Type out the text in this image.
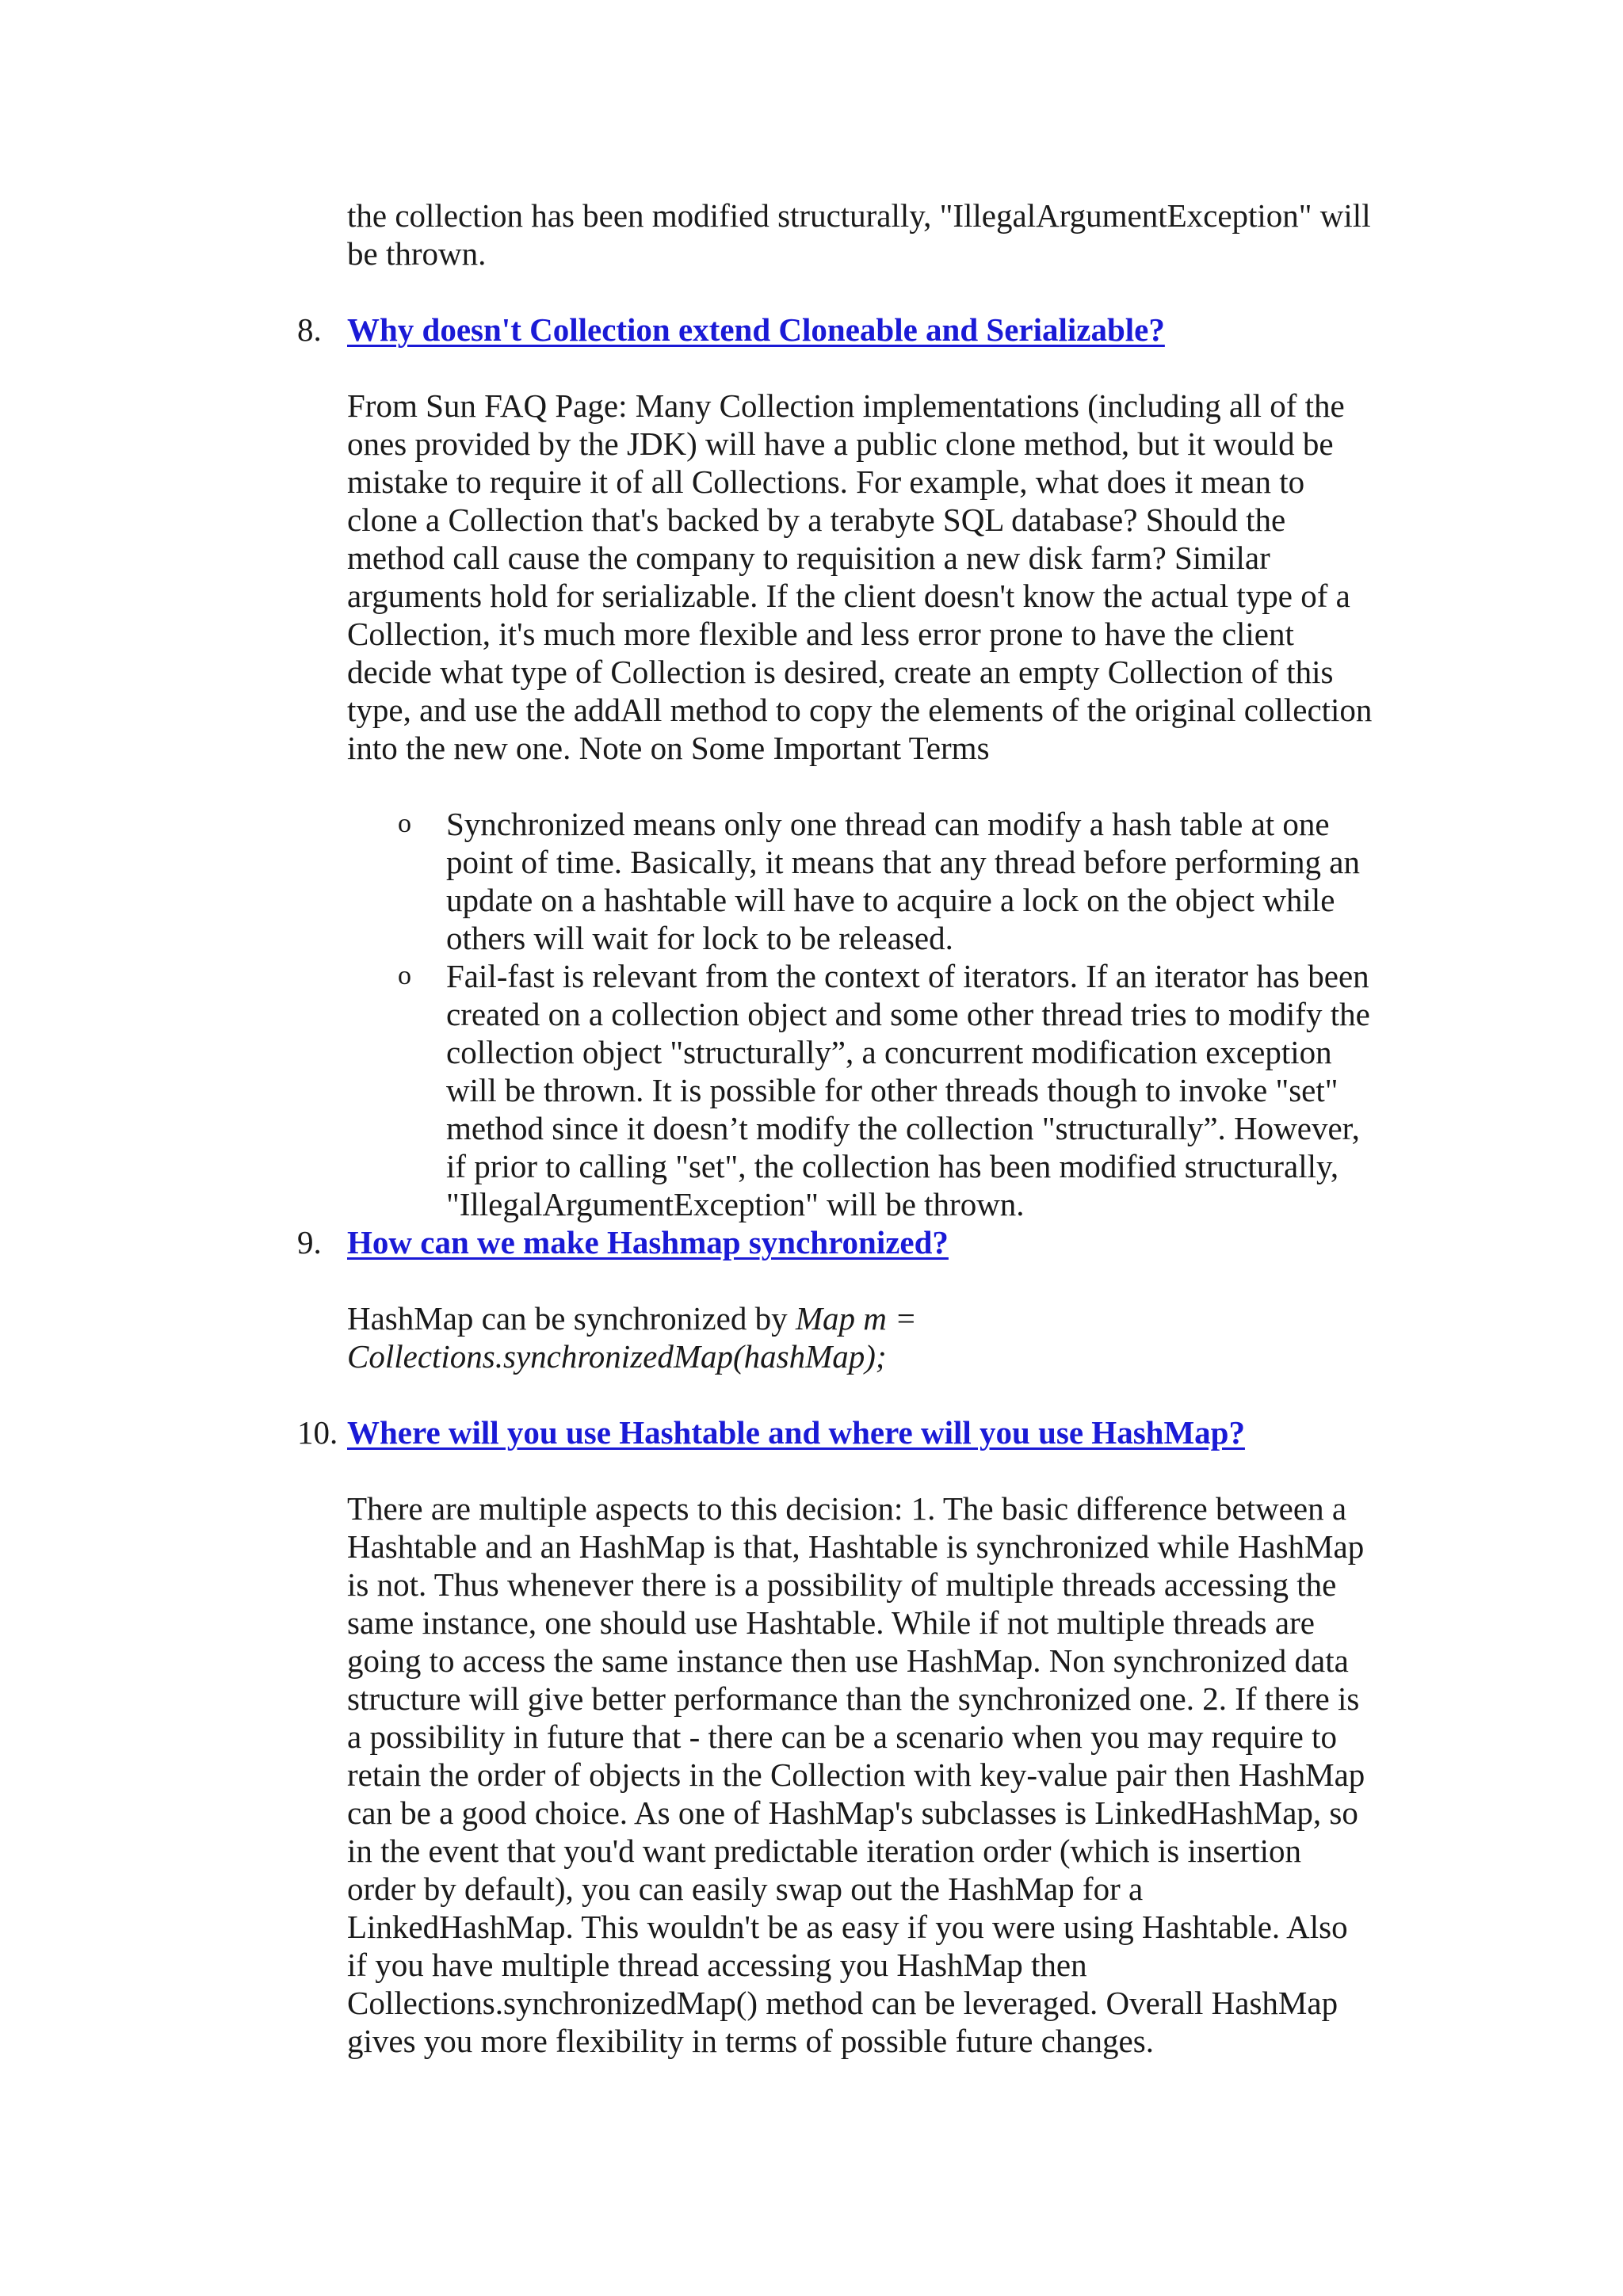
the collection has been modified structurally, "IllegalArgumentException" will
be thrown.

8. Why doesn't Collection extend Cloneable and Serializable?

From Sun FAQ Page: Many Collection implementations (including all of the
ones provided by the JDK) will have a public clone method, but it would be
mistake to require it of all Collections. For example, what does it mean to
clone a Collection that's backed by a terabyte SQL database? Should the
method call cause the company to requisition a new disk farm? Similar
arguments hold for serializable. If the client doesn't know the actual type of a
Collection, it's much more flexible and less error prone to have the client
decide what type of Collection is desired, create an empty Collection of this
type, and use the addAll method to copy the elements of the original collection
into the new one. Note on Some Important Terms

o Synchronized means only one thread can modify a hash table at one
point of time. Basically, it means that any thread before performing an
update on a hashtable will have to acquire a lock on the object while
others will wait for lock to be released.

o Fail-fast is relevant from the context of iterators. If an iterator has been
created on a collection object and some other thread tries to modify the
collection object "structurally”, a concurrent modification exception
will be thrown. It is possible for other threads though to invoke "set"
method since it doesn’t modify the collection "structurally”. However,
if prior to calling "set", the collection has been modified structurally,
"IllegalArgumentException" will be thrown.

9. How can we make Hashmap synchronized?

HashMap can be synchronized by Map m =
Collections.synchronizedMap(hashMap);

10. Where will you use Hashtable and where will you use HashMap?

There are multiple aspects to this decision: 1. The basic difference between a
Hashtable and an HashMap is that, Hashtable is synchronized while HashMap
is not. Thus whenever there is a possibility of multiple threads accessing the
same instance, one should use Hashtable. While if not multiple threads are
going to access the same instance then use HashMap. Non synchronized data
structure will give better performance than the synchronized one. 2. If there is
a possibility in future that - there can be a scenario when you may require to
retain the order of objects in the Collection with key-value pair then HashMap
can be a good choice. As one of HashMap's subclasses is LinkedHashMap, so
in the event that you'd want predictable iteration order (which is insertion
order by default), you can easily swap out the HashMap for a
LinkedHashMap. This wouldn't be as easy if you were using Hashtable. Also
if you have multiple thread accessing you HashMap then
Collections.synchronizedMap() method can be leveraged. Overall HashMap
gives you more flexibility in terms of possible future changes.
